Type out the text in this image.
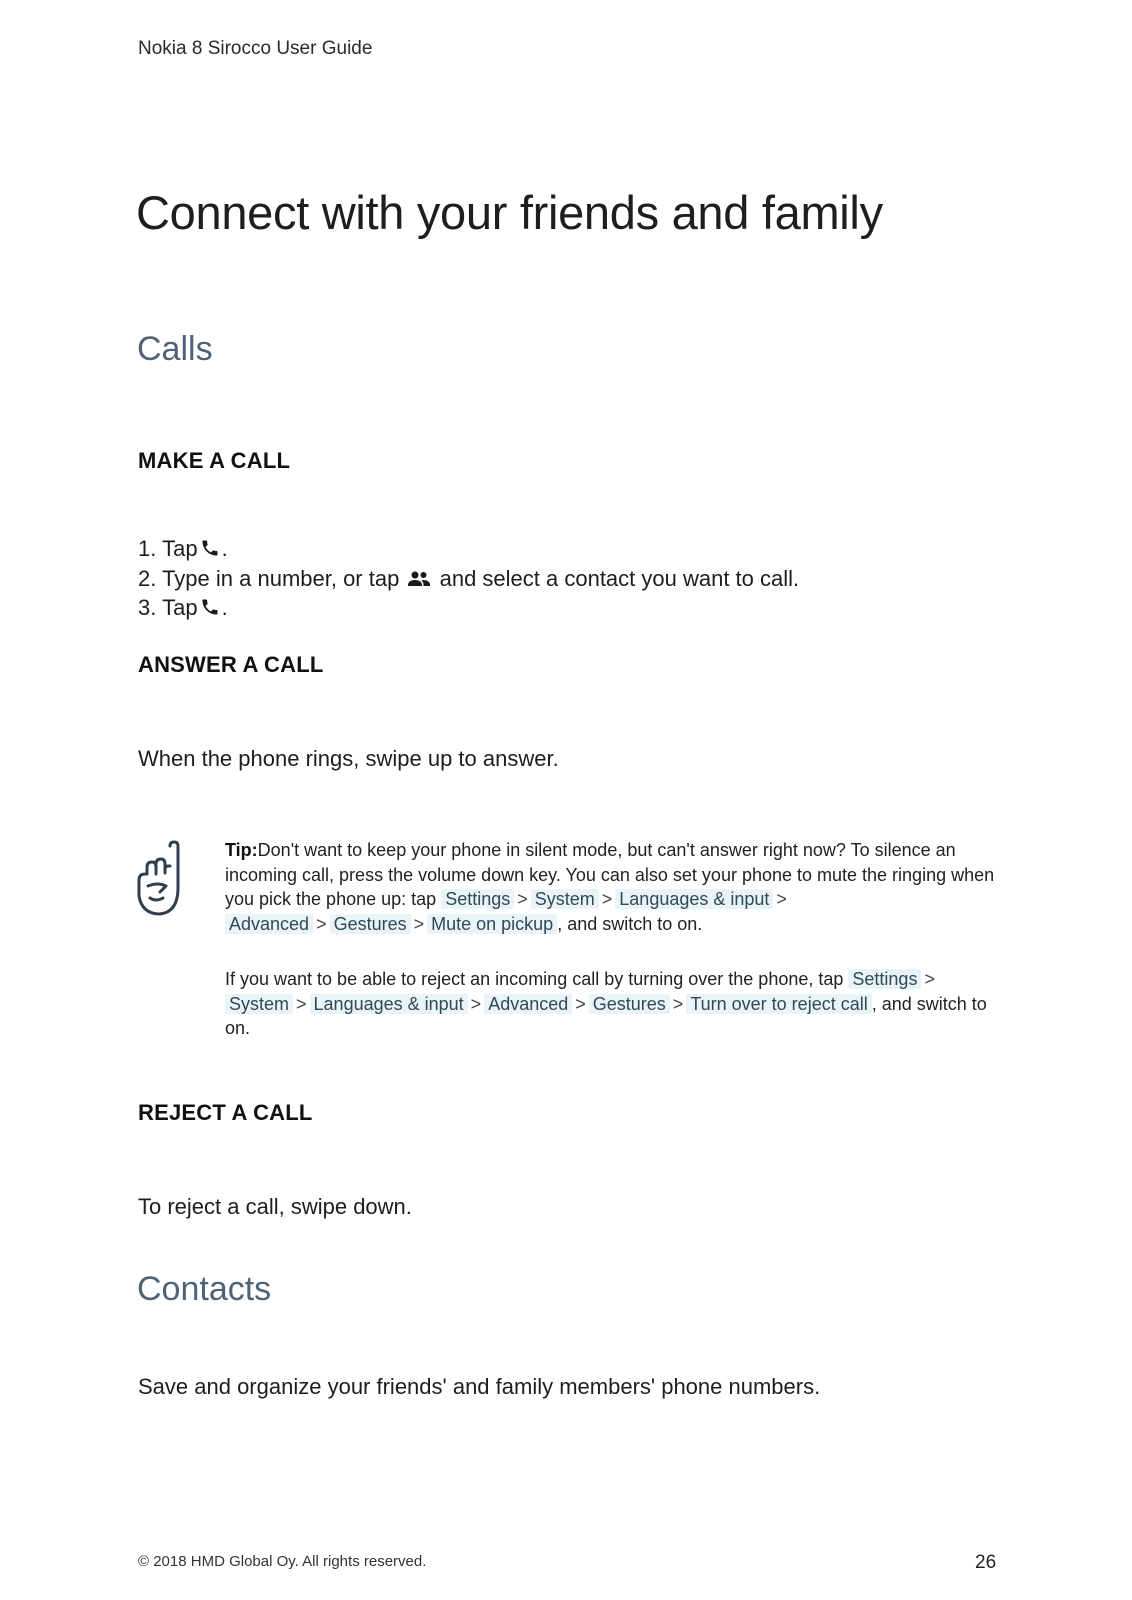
Nokia 8 Sirocco User Guide
Connect with your friends and family
Calls
MAKE A CALL
1. Tap .
2. Type in a number, or tap and select a contact you want to call.
3. Tap .
ANSWER A CALL
When the phone rings, swipe up to answer.
Tip:Don't want to keep your phone in silent mode, but can't answer right now? To silence an incoming call, press the volume down key. You can also set your phone to mute the ringing when you pick the phone up: tap Settings > System > Languages & input > Advanced > Gestures > Mute on pickup , and switch to on.
If you want to be able to reject an incoming call by turning over the phone, tap Settings > System > Languages & input > Advanced > Gestures > Turn over to reject call , and switch to on.
REJECT A CALL
To reject a call, swipe down.
Contacts
Save and organize your friends' and family members' phone numbers.
© 2018 HMD Global Oy. All rights reserved.	26
